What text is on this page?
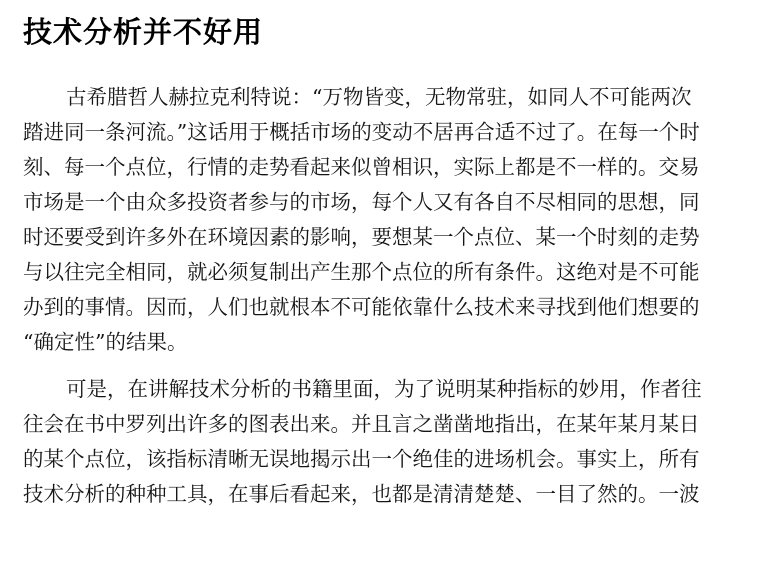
技术分析并不好用

古希腊哲人赫拉克利特说：“万物皆变，无物常驻，如同人不可能两次

踏进同一条河流。”这话用于概括市场的变动不居再合适不过了。在每一个时

刻、每一个点位，行情的走势看起来似曾相识，实际上都是不一样的。交易

市场是一个由众多投资者参与的市场，每个人又有各自不尽相同的思想，同

时还要受到许多外在环境因素的影响，要想某一个点位、某一个时刻的走势

与以往完全相同，就必须复制出产生那个点位的所有条件。这绝对是不可能

办到的事情。因而，人们也就根本不可能依靠什么技术来寻找到他们想要的

“确定性”的结果。

可是，在讲解技术分析的书籍里面，为了说明某种指标的妙用，作者往

往会在书中罗列出许多的图表出来。并且言之凿凿地指出，在某年某月某日

的某个点位，该指标清晰无误地揭示出一个绝佳的进场机会。事实上，所有

技术分析的种种工具，在事后看起来，也都是清清楚楚、一目了然的。一波
